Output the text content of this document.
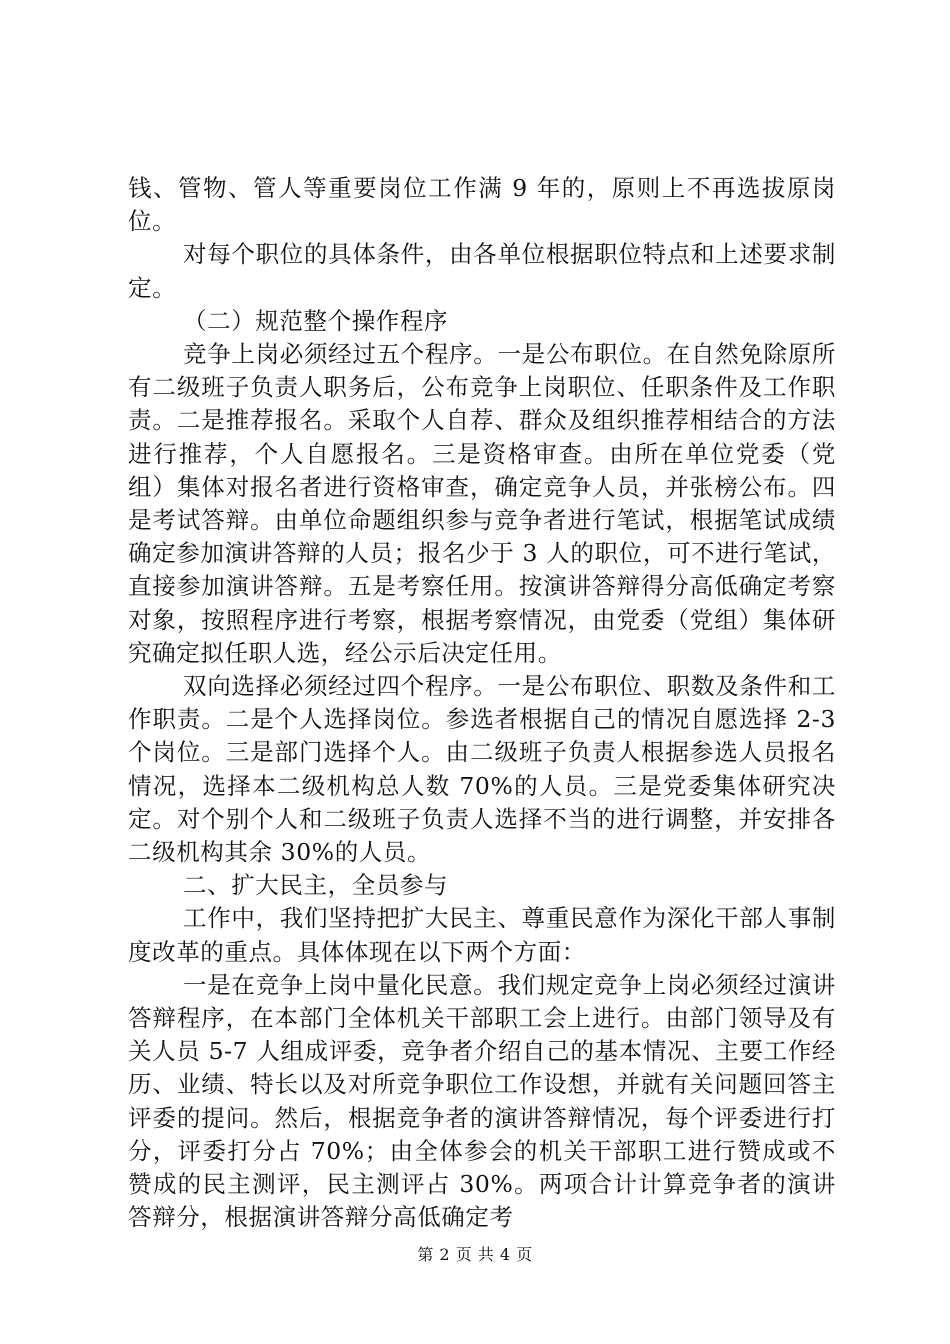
钱、管物、管人等重要岗位工作满 9 年的，原则上不再选拔原岗位。

对每个职位的具体条件，由各单位根据职位特点和上述要求制定。

（二）规范整个操作程序

竞争上岗必须经过五个程序。一是公布职位。在自然免除原所有二级班子负责人职务后，公布竞争上岗职位、任职条件及工作职责。二是推荐报名。采取个人自荐、群众及组织推荐相结合的方法进行推荐，个人自愿报名。三是资格审查。由所在单位党委（党组）集体对报名者进行资格审查，确定竞争人员，并张榜公布。四是考试答辩。由单位命题组织参与竞争者进行笔试，根据笔试成绩确定参加演讲答辩的人员；报名少于 3 人的职位，可不进行笔试，直接参加演讲答辩。五是考察任用。按演讲答辩得分高低确定考察对象，按照程序进行考察，根据考察情况，由党委（党组）集体研究确定拟任职人选，经公示后决定任用。

双向选择必须经过四个程序。一是公布职位、职数及条件和工作职责。二是个人选择岗位。参选者根据自己的情况自愿选择 2-3 个岗位。三是部门选择个人。由二级班子负责人根据参选人员报名情况，选择本二级机构总人数 70%的人员。三是党委集体研究决定。对个别个人和二级班子负责人选择不当的进行调整，并安排各二级机构其余 30%的人员。

二、扩大民主，全员参与

工作中，我们坚持把扩大民主、尊重民意作为深化干部人事制度改革的重点。具体体现在以下两个方面：

一是在竞争上岗中量化民意。我们规定竞争上岗必须经过演讲答辩程序，在本部门全体机关干部职工会上进行。由部门领导及有关人员 5-7 人组成评委，竞争者介绍自己的基本情况、主要工作经历、业绩、特长以及对所竞争职位工作设想，并就有关问题回答主评委的提问。然后，根据竞争者的演讲答辩情况，每个评委进行打分，评委打分占 70%；由全体参会的机关干部职工进行赞成或不赞成的民主测评，民主测评占 30%。两项合计计算竞争者的演讲答辩分，根据演讲答辩分高低确定考

第 2 页 共 4 页
